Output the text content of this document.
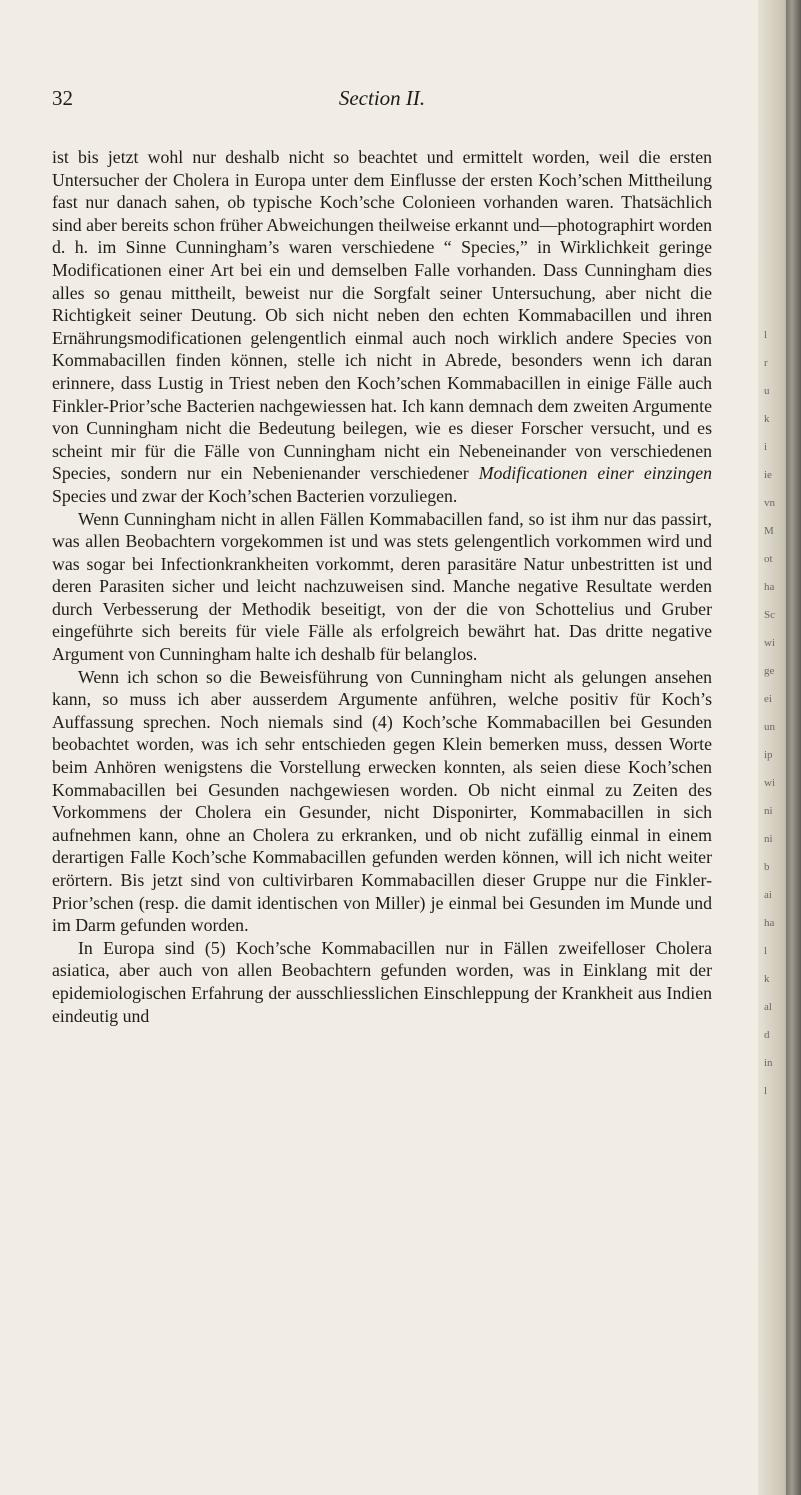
32	Section II.

ist bis jetzt wohl nur deshalb nicht so beachtet und ermittelt worden, weil die ersten Untersucher der Cholera in Europa unter dem Einflusse der ersten Koch’schen Mittheilung fast nur danach sahen, ob typische Koch’sche Colonieen vorhanden waren. Thatsächlich sind aber bereits schon früher Abweichungen theilweise erkannt und—photographirt worden d. h. im Sinne Cunningham’s waren verschiedene “ Species,” in Wirklichkeit geringe Modificationen einer Art bei ein und demselben Falle vorhanden. Dass Cunningham dies alles so genau mittheilt, beweist nur die Sorgfalt seiner Untersuchung, aber nicht die Richtigkeit seiner Deutung. Ob sich nicht neben den echten Kommabacillen und ihren Ernährungsmodificationen gelengentlich einmal auch noch wirklich andere Species von Kommabacillen finden können, stelle ich nicht in Abrede, besonders wenn ich daran erinnere, dass Lustig in Triest neben den Koch’schen Kommabacillen in einige Fälle auch Finkler-Prior’sche Bacterien nachgewiessen hat. Ich kann demnach dem zweiten Argumente von Cunningham nicht die Bedeutung beilegen, wie es dieser Forscher versucht, und es scheint mir für die Fälle von Cunningham nicht ein Nebeneinander von verschiedenen Species, sondern nur ein Nebenienander verschiedener Modificationen einer einzingen Species und zwar der Koch’schen Bacterien vorzuliegen.

Wenn Cunningham nicht in allen Fällen Kommabacillen fand, so ist ihm nur das passirt, was allen Beobachtern vorgekommen ist und was stets gelengentlich vorkommen wird und was sogar bei Infectionkrankheiten vorkommt, deren parasitäre Natur unbestritten ist und deren Parasiten sicher und leicht nachzuweisen sind. Manche negative Resultate werden durch Verbesserung der Methodik beseitigt, von der die von Schottelius und Gruber eingeführte sich bereits für viele Fälle als erfolgreich bewährt hat. Das dritte negative Argument von Cunningham halte ich deshalb für belanglos.

Wenn ich schon so die Beweisführung von Cunningham nicht als gelungen ansehen kann, so muss ich aber ausserdem Argumente anführen, welche positiv für Koch’s Auffassung sprechen. Noch niemals sind (4) Koch’sche Kommabacillen bei Gesunden beobachtet worden, was ich sehr entschieden gegen Klein bemerken muss, dessen Worte beim Anhören wenigstens die Vorstellung erwecken konnten, als seien diese Koch’schen Kommabacillen bei Gesunden nachgewiesen worden. Ob nicht einmal zu Zeiten des Vorkommens der Cholera ein Gesunder, nicht Disponirter, Kommabacillen in sich aufnehmen kann, ohne an Cholera zu erkranken, und ob nicht zufällig einmal in einem derartigen Falle Koch’sche Kommabacillen gefunden werden können, will ich nicht weiter erörtern. Bis jetzt sind von cultivirbaren Kommabacillen dieser Gruppe nur die Finkler-Prior’schen (resp. die damit identischen von Miller) je einmal bei Gesunden im Munde und im Darm gefunden worden.

In Europa sind (5) Koch’sche Kommabacillen nur in Fällen zweifelloser Cholera asiatica, aber auch von allen Beobachtern gefunden worden, was in Einklang mit der epidemiologischen Erfahrung der ausschliesslichen Einschleppung der Krankheit aus Indien eindeutig und

l
r
u
k
i
ie
vn
M
ot
ha
Sc
wi
ge
ei
un
ip
wi
ni
ni
b
ai
ha
l
k
al
d
in
l
